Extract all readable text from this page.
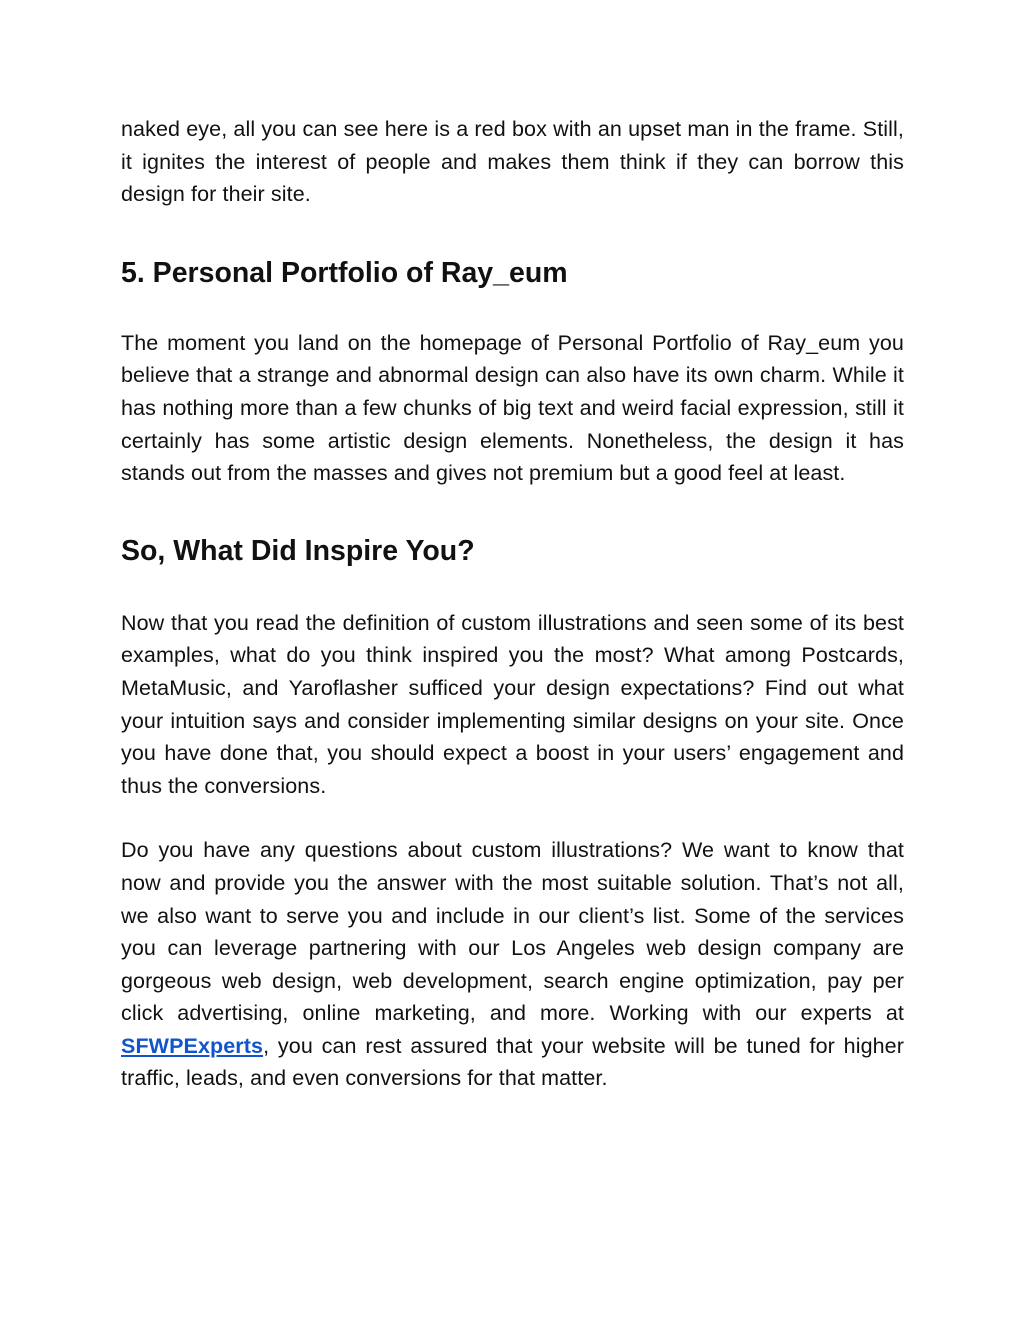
naked eye, all you can see here is a red box with an upset man in the frame. Still, it ignites the interest of people and makes them think if they can borrow this design for their site.

5. Personal Portfolio of Ray_eum

The moment you land on the homepage of Personal Portfolio of Ray_eum you believe that a strange and abnormal design can also have its own charm. While it has nothing more than a few chunks of big text and weird facial expression, still it certainly has some artistic design elements. Nonetheless, the design it has stands out from the masses and gives not premium but a good feel at least.

So, What Did Inspire You?

Now that you read the definition of custom illustrations and seen some of its best examples, what do you think inspired you the most? What among Postcards, MetaMusic, and Yaroflasher sufficed your design expectations? Find out what your intuition says and consider implementing similar designs on your site. Once you have done that, you should expect a boost in your users’ engagement and thus the conversions.

Do you have any questions about custom illustrations? We want to know that now and provide you the answer with the most suitable solution. That’s not all, we also want to serve you and include in our client’s list. Some of the services you can leverage partnering with our Los Angeles web design company are gorgeous web design, web development, search engine optimization, pay per click advertising, online marketing, and more. Working with our experts at SFWPExperts, you can rest assured that your website will be tuned for higher traffic, leads, and even conversions for that matter.
